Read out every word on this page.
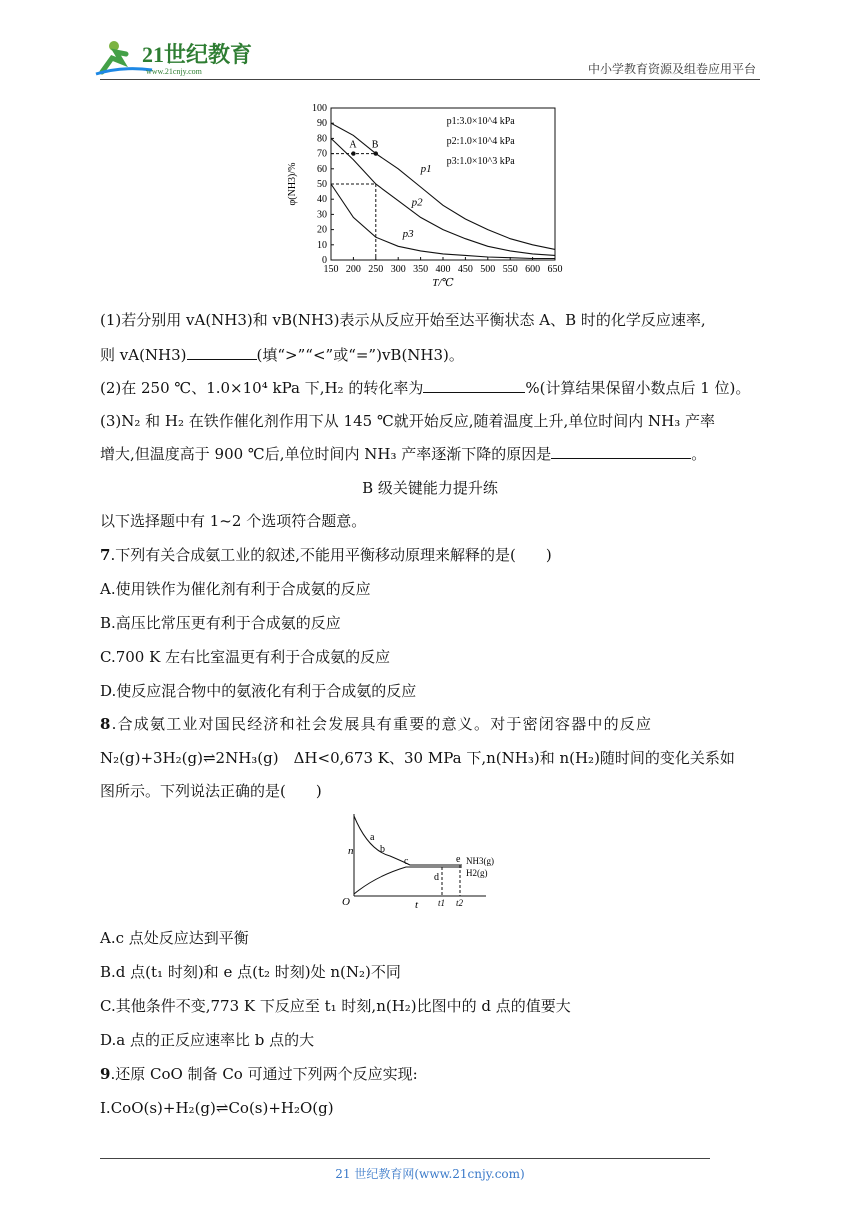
21世纪教育
www.21cnjy.com	中小学教育资源及组卷应用平台
100
90
80
70
60
50
40
30
20
10
0
150 200 250 300 350 400 450 500 550 600 650
T/℃
φ(NH3)/%	p1
p2
p3
A B
p1:3.0×10^4 kPa
p2:1.0×10^4 kPa
p3:1.0×10^3 kPa
(1)若分别用 vA(NH3)和 vB(NH3)表示从反应开始至达平衡状态 A、B 时的化学反应速率,
则 vA(NH3)	(填“>”“<”或“=”)vB(NH3)。
(2)在 250 ℃、1.0×10⁴ kPa 下,H₂ 的转化率为	%(计算结果保留小数点后 1 位)。
(3)N₂ 和 H₂ 在铁作催化剂作用下从 145 ℃就开始反应,随着温度上升,单位时间内 NH₃ 产率
增大,但温度高于 900 ℃后,单位时间内 NH₃ 产率逐渐下降的原因是	。
B 级关键能力提升练
以下选择题中有 1~2 个选项符合题意。
7.下列有关合成氨工业的叙述,不能用平衡移动原理来解释的是(　　)
A.使用铁作为催化剂有利于合成氨的反应
B.高压比常压更有利于合成氨的反应
C.700 K 左右比室温更有利于合成氨的反应
D.使反应混合物中的氨液化有利于合成氨的反应
8.合成氨工业对国民经济和社会发展具有重要的意义。对于密闭容器中的反应
N₂(g)+3H₂(g)⇌2NH₃(g)　ΔH<0,673 K、30 MPa 下,n(NH₃)和 n(H₂)随时间的变化关系如
图所示。下列说法正确的是(　　)
n
t
O
a
b
c
d
e NH3(g)
H2(g)
t1 t2
A.c 点处反应达到平衡
B.d 点(t₁ 时刻)和 e 点(t₂ 时刻)处 n(N₂)不同
C.其他条件不变,773 K 下反应至 t₁ 时刻,n(H₂)比图中的 d 点的值要大
D.a 点的正反应速率比 b 点的大
9.还原 CoO 制备 Co 可通过下列两个反应实现:
Ⅰ.CoO(s)+H₂(g)⇌Co(s)+H₂O(g)
21 世纪教育网(www.21cnjy.com)
